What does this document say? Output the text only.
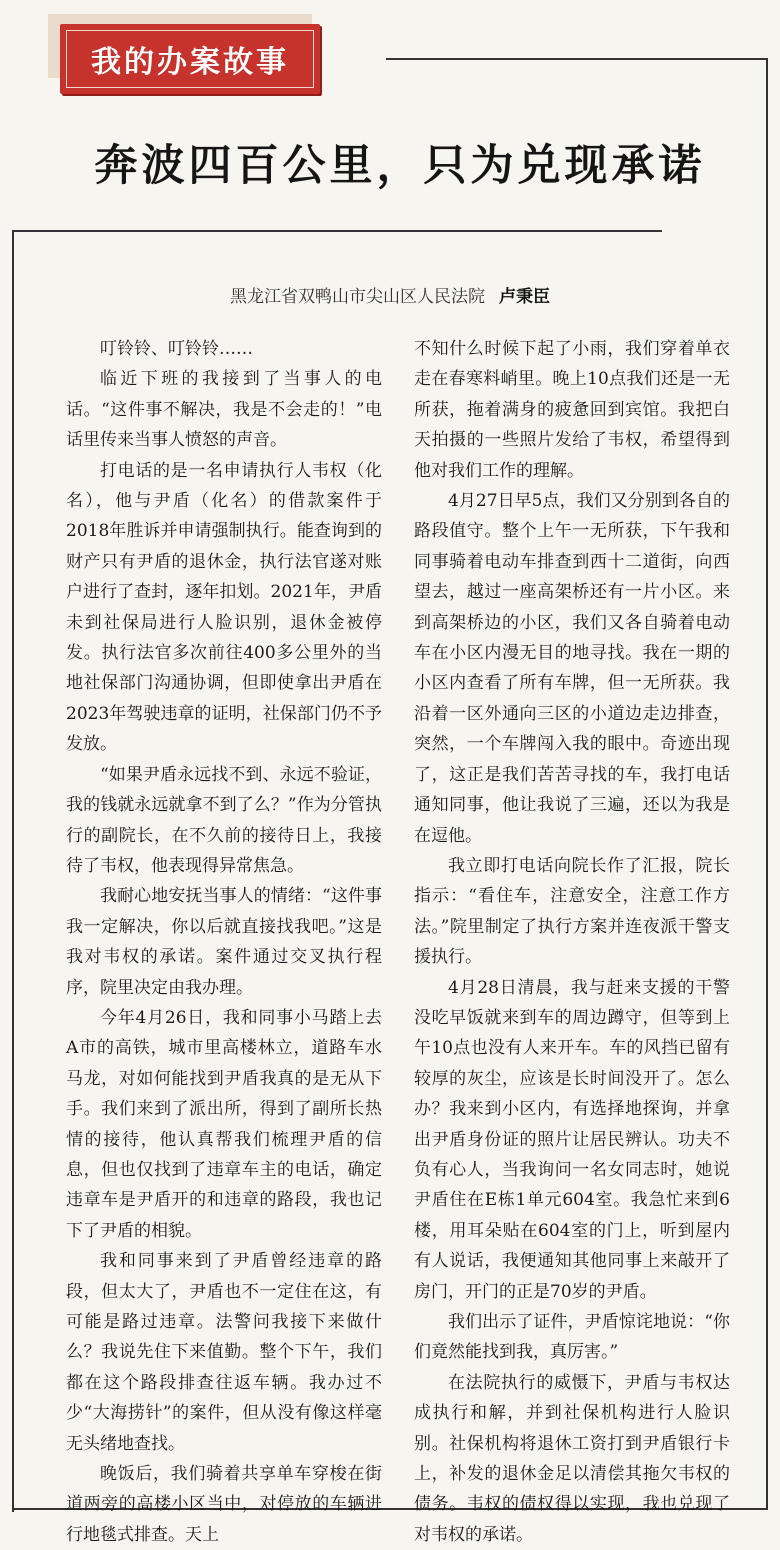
我的办案故事
奔波四百公里，只为兑现承诺
黑龙江省双鸭山市尖山区人民法院 卢秉臣

叮铃铃、叮铃铃……

临近下班的我接到了当事人的电话。“这件事不解决，我是不会走的！”电话里传来当事人愤怒的声音。

打电话的是一名申请执行人韦权（化名），他与尹盾（化名）的借款案件于2018年胜诉并申请强制执行。能查询到的财产只有尹盾的退休金，执行法官遂对账户进行了查封，逐年扣划。2021年，尹盾未到社保局进行人脸识别，退休金被停发。执行法官多次前往400多公里外的当地社保部门沟通协调，但即使拿出尹盾在2023年驾驶违章的证明，社保部门仍不予发放。

“如果尹盾永远找不到、永远不验证，我的钱就永远就拿不到了么？”作为分管执行的副院长，在不久前的接待日上，我接待了韦权，他表现得异常焦急。

我耐心地安抚当事人的情绪：“这件事我一定解决，你以后就直接找我吧。”这是我对韦权的承诺。案件通过交叉执行程序，院里决定由我办理。

今年4月26日，我和同事小马踏上去A市的高铁，城市里高楼林立，道路车水马龙，对如何能找到尹盾我真的是无从下手。我们来到了派出所，得到了副所长热情的接待，他认真帮我们梳理尹盾的信息，但也仅找到了违章车主的电话，确定违章车是尹盾开的和违章的路段，我也记下了尹盾的相貌。

我和同事来到了尹盾曾经违章的路段，但太大了，尹盾也不一定住在这，有可能是路过违章。法警问我接下来做什么？我说先住下来值勤。整个下午，我们都在这个路段排查往返车辆。我办过不少“大海捞针”的案件，但从没有像这样毫无头绪地查找。

晚饭后，我们骑着共享单车穿梭在街道两旁的高楼小区当中，对停放的车辆进行地毯式排查。天上

不知什么时候下起了小雨，我们穿着单衣走在春寒料峭里。晚上10点我们还是一无所获，拖着满身的疲惫回到宾馆。我把白天拍摄的一些照片发给了韦权，希望得到他对我们工作的理解。

4月27日早5点，我们又分别到各自的路段值守。整个上午一无所获，下午我和同事骑着电动车排查到西十二道街，向西望去，越过一座高架桥还有一片小区。来到高架桥边的小区，我们又各自骑着电动车在小区内漫无目的地寻找。我在一期的小区内查看了所有车牌，但一无所获。我沿着一区外通向三区的小道边走边排查，突然，一个车牌闯入我的眼中。奇迹出现了，这正是我们苦苦寻找的车，我打电话通知同事，他让我说了三遍，还以为我是在逗他。

我立即打电话向院长作了汇报，院长指示：“看住车，注意安全，注意工作方法。”院里制定了执行方案并连夜派干警支援执行。

4月28日清晨，我与赶来支援的干警没吃早饭就来到车的周边蹲守，但等到上午10点也没有人来开车。车的风挡已留有较厚的灰尘，应该是长时间没开了。怎么办？我来到小区内，有选择地探询，并拿出尹盾身份证的照片让居民辨认。功夫不负有心人，当我询问一名女同志时，她说尹盾住在E栋1单元604室。我急忙来到6楼，用耳朵贴在604室的门上，听到屋内有人说话，我便通知其他同事上来敲开了房门，开门的正是70岁的尹盾。

我们出示了证件，尹盾惊诧地说：“你们竟然能找到我，真厉害。”

在法院执行的威慑下，尹盾与韦权达成执行和解，并到社保机构进行人脸识别。社保机构将退休工资打到尹盾银行卡上，补发的退休金足以清偿其拖欠韦权的债务。韦权的债权得以实现，我也兑现了对韦权的承诺。
